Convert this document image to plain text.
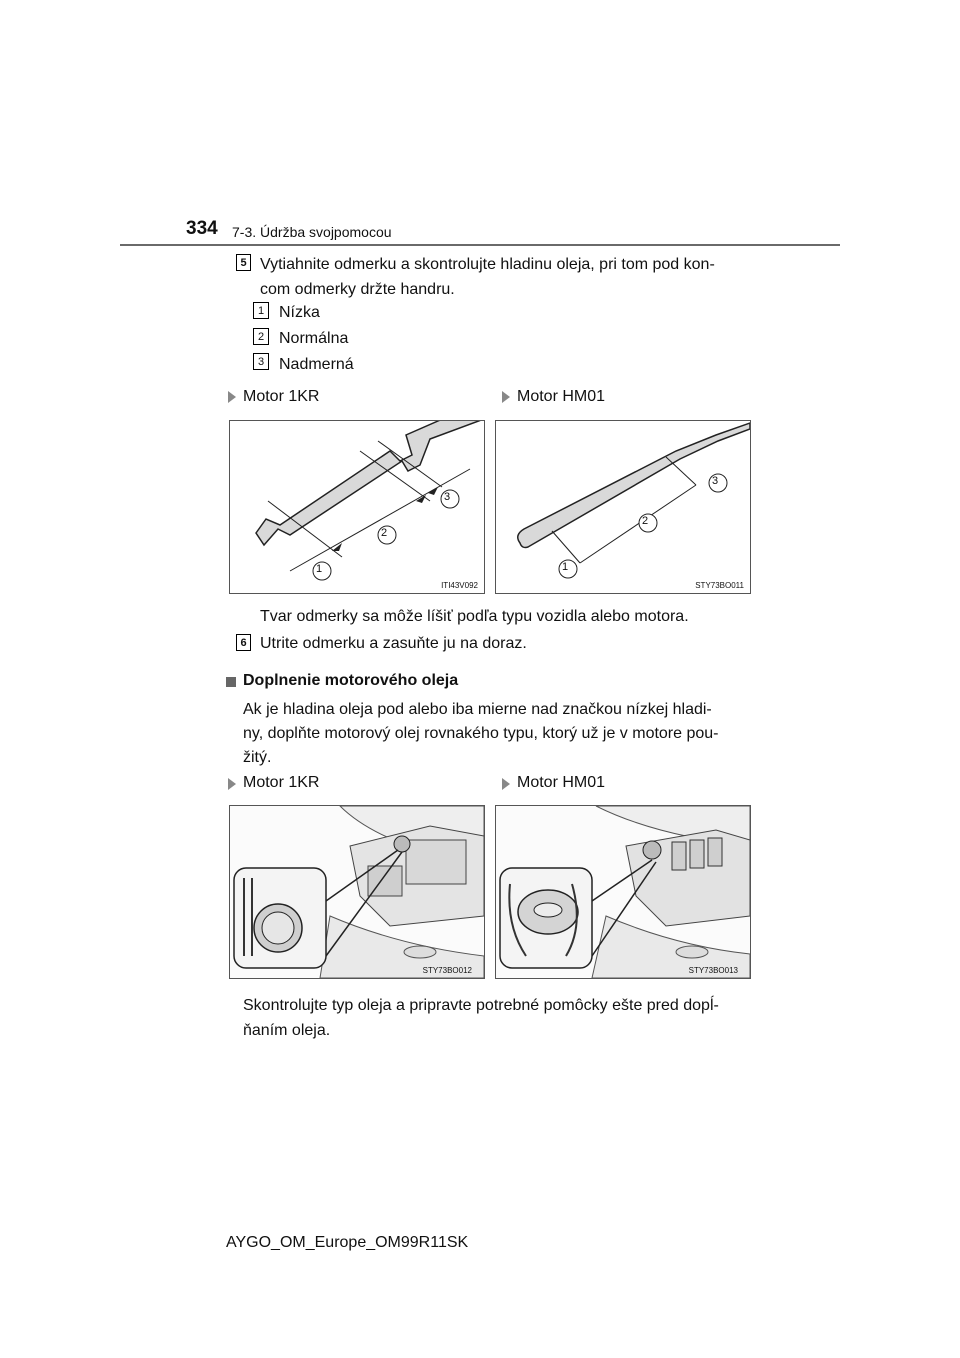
334 7-3. Údržba svojpomocou
5 Vytiahnite odmerku a skontrolujte hladinu oleja, pri tom pod kon-
com odmerky držte handru.
1 Nízka
2 Normálna
3 Nadmerná
Motor 1KR	Motor HM01
1
2
3
ITI43V092
1
2
3
STY73BO011
Tvar odmerky sa môže líšiť podľa typu vozidla alebo motora.
6 Utrite odmerku a zasuňte ju na doraz.
Doplnenie motorového oleja
Ak je hladina oleja pod alebo iba mierne nad značkou nízkej hladi-
ny, doplňte motorový olej rovnakého typu, ktorý už je v motore pou-
žitý.
Motor 1KR	Motor HM01
STY73BO012	STY73BO013
Skontrolujte typ oleja a pripravte potrebné pomôcky ešte pred dopĺ-
ňaním oleja.
AYGO_OM_Europe_OM99R11SK
